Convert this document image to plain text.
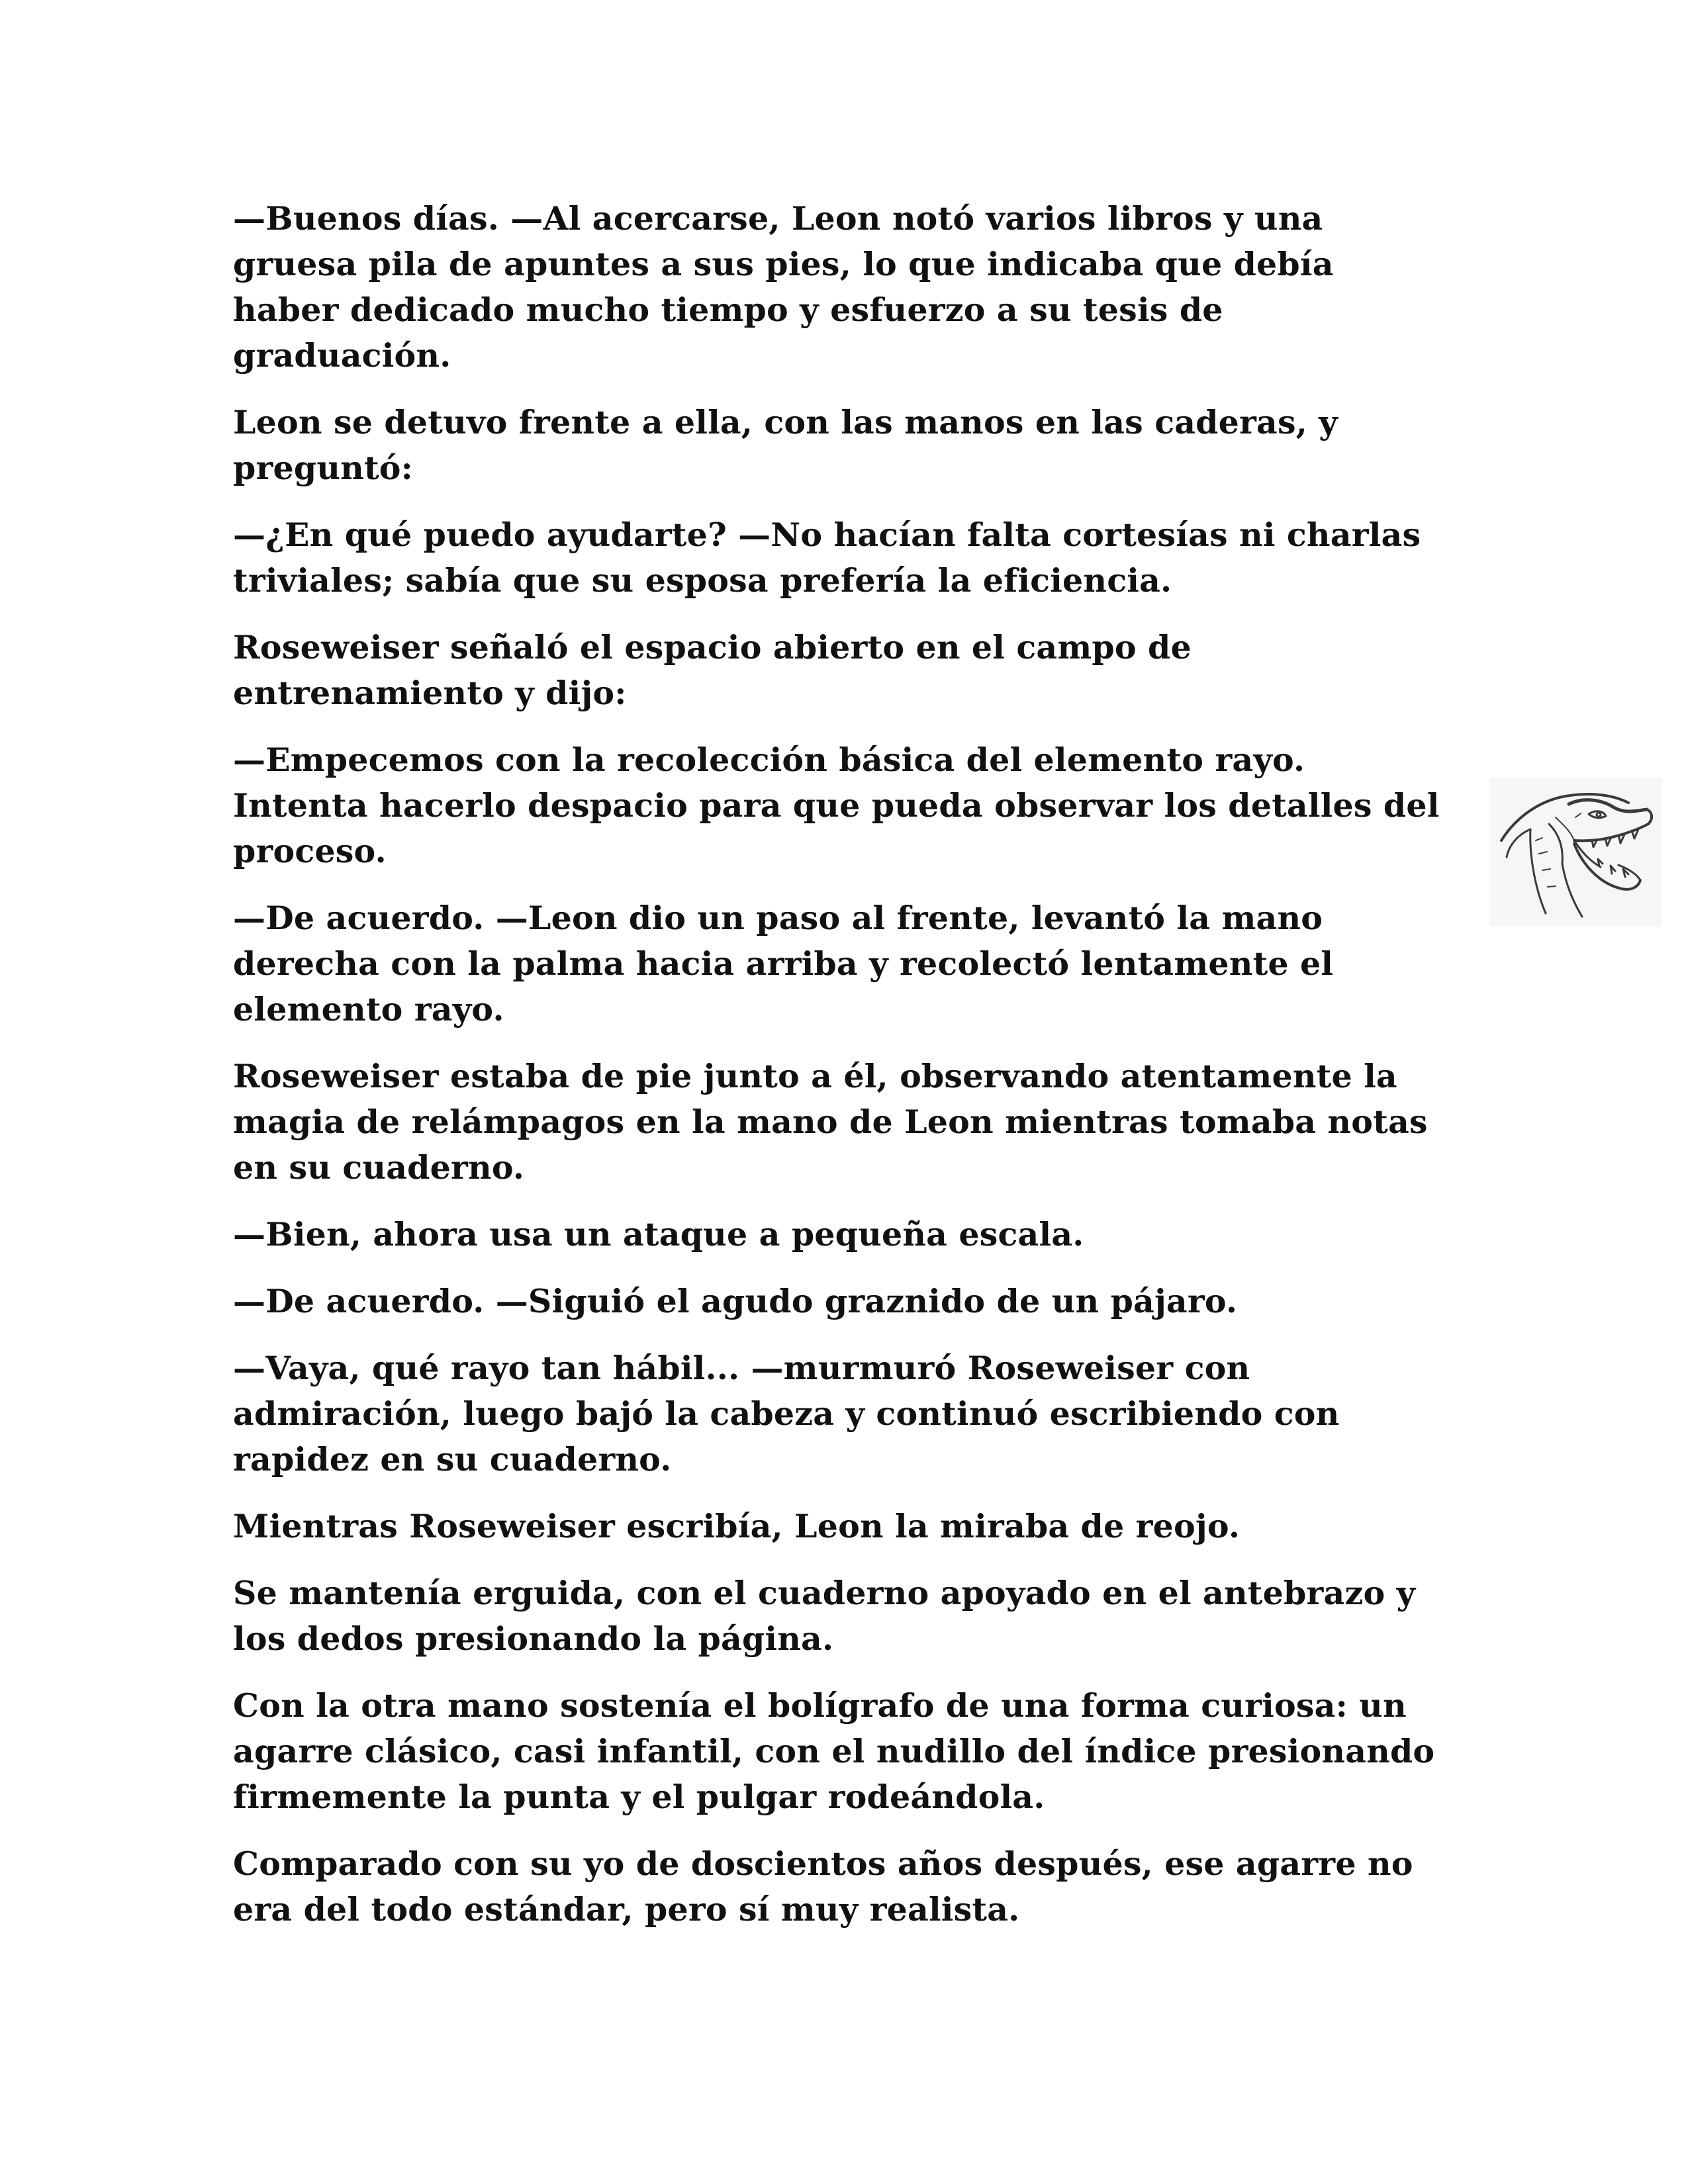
—Buenos días. —Al acercarse, Leon notó varios libros y una gruesa pila de apuntes a sus pies, lo que indicaba que debía haber dedicado mucho tiempo y esfuerzo a su tesis de graduación.

Leon se detuvo frente a ella, con las manos en las caderas, y preguntó:

—¿En qué puedo ayudarte? —No hacían falta cortesías ni charlas triviales; sabía que su esposa prefería la eficiencia.

Roseweiser señaló el espacio abierto en el campo de entrenamiento y dijo:

—Empecemos con la recolección básica del elemento rayo. Intenta hacerlo despacio para que pueda observar los detalles del proceso.

—De acuerdo. —Leon dio un paso al frente, levantó la mano derecha con la palma hacia arriba y recolectó lentamente el elemento rayo.

Roseweiser estaba de pie junto a él, observando atentamente la magia de relámpagos en la mano de Leon mientras tomaba notas en su cuaderno.

—Bien, ahora usa un ataque a pequeña escala.

—De acuerdo. —Siguió el agudo graznido de un pájaro.

—Vaya, qué rayo tan hábil... —murmuró Roseweiser con admiración, luego bajó la cabeza y continuó escribiendo con rapidez en su cuaderno.

Mientras Roseweiser escribía, Leon la miraba de reojo.

Se mantenía erguida, con el cuaderno apoyado en el antebrazo y los dedos presionando la página.

Con la otra mano sostenía el bolígrafo de una forma curiosa: un agarre clásico, casi infantil, con el nudillo del índice presionando firmemente la punta y el pulgar rodeándola.

Comparado con su yo de doscientos años después, ese agarre no era del todo estándar, pero sí muy realista.
